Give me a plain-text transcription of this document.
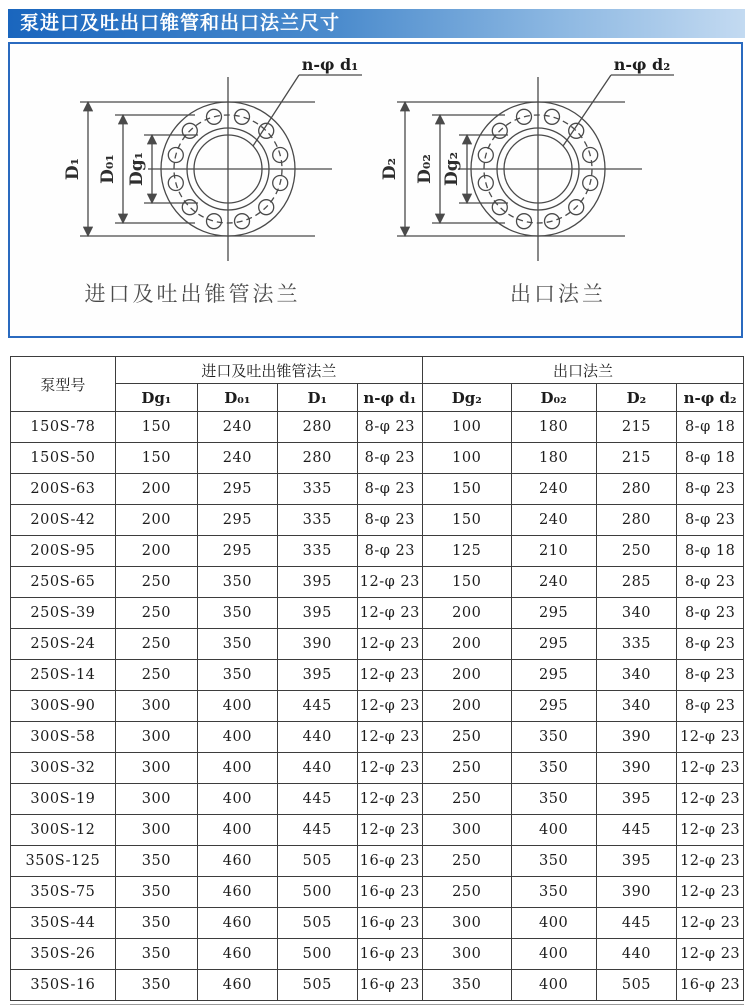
泵进口及吐出口锥管和出口法兰尺寸
D₁ D₀₁ Dg₁
n-φ d₁
D₂ D₀₂ Dg₂
n-φ d₂
进口及吐出锥管法兰	出口法兰
泵型号	进口及吐出锥管法兰				出口法兰			
	Dg₁	D₀₁	D₁	n-φ d₁	Dg₂	D₀₂	D₂	n-φ d₂
150S-78	150	240	280	8-φ 23	100	180	215	8-φ 18
150S-50	150	240	280	8-φ 23	100	180	215	8-φ 18
200S-63	200	295	335	8-φ 23	150	240	280	8-φ 23
200S-42	200	295	335	8-φ 23	150	240	280	8-φ 23
200S-95	200	295	335	8-φ 23	125	210	250	8-φ 18
250S-65	250	350	395	12-φ 23	150	240	285	8-φ 23
250S-39	250	350	395	12-φ 23	200	295	340	8-φ 23
250S-24	250	350	390	12-φ 23	200	295	335	8-φ 23
250S-14	250	350	395	12-φ 23	200	295	340	8-φ 23
300S-90	300	400	445	12-φ 23	200	295	340	8-φ 23
300S-58	300	400	440	12-φ 23	250	350	390	12-φ 23
300S-32	300	400	440	12-φ 23	250	350	390	12-φ 23
300S-19	300	400	445	12-φ 23	250	350	395	12-φ 23
300S-12	300	400	445	12-φ 23	300	400	445	12-φ 23
350S-125	350	460	505	16-φ 23	250	350	395	12-φ 23
350S-75	350	460	500	16-φ 23	250	350	390	12-φ 23
350S-44	350	460	505	16-φ 23	300	400	445	12-φ 23
350S-26	350	460	500	16-φ 23	300	400	440	12-φ 23
350S-16	350	460	505	16-φ 23	350	400	505	16-φ 23
